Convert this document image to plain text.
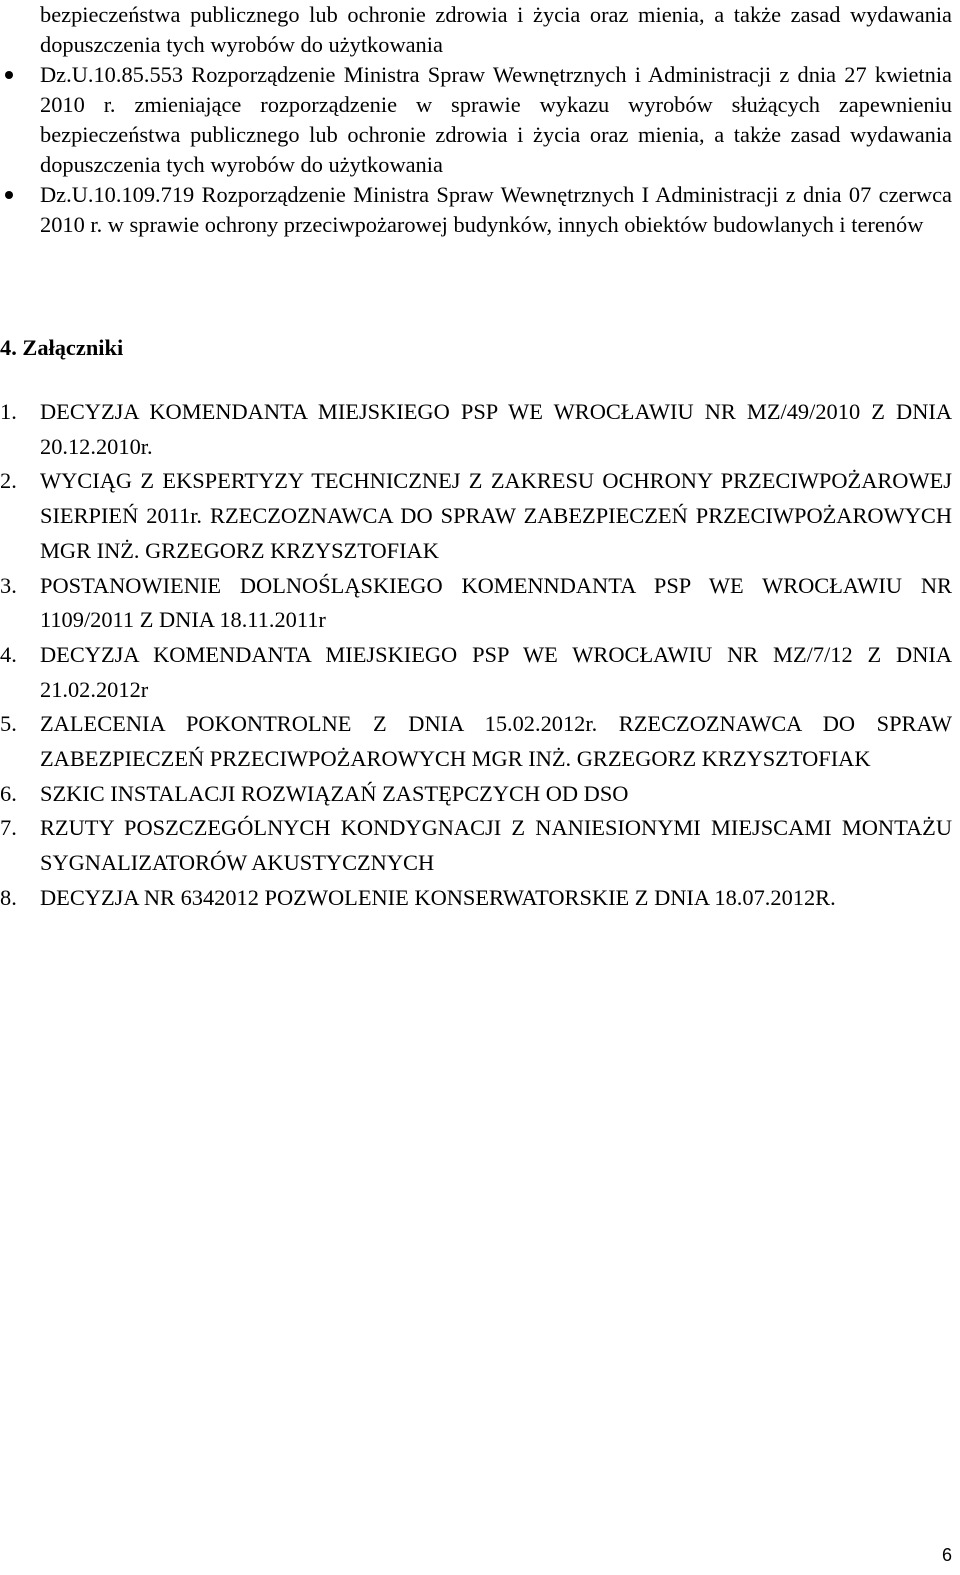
bezpieczeństwa publicznego lub ochronie zdrowia i życia oraz mienia, a także zasad wydawania dopuszczenia tych wyrobów do użytkowania

Dz.U.10.85.553 Rozporządzenie Ministra Spraw Wewnętrznych i Administracji z dnia 27 kwietnia 2010 r. zmieniające rozporządzenie w sprawie wykazu wyrobów służących zapewnieniu bezpieczeństwa publicznego lub ochronie zdrowia i życia oraz mienia, a także zasad wydawania dopuszczenia tych wyrobów do użytkowania
Dz.U.10.109.719 Rozporządzenie Ministra Spraw Wewnętrznych I Administracji z dnia 07 czerwca 2010 r. w sprawie ochrony przeciwpożarowej budynków, innych obiektów budowlanych i terenów
4. Załączniki
1. DECYZJA KOMENDANTA MIEJSKIEGO PSP WE WROCŁAWIU NR MZ/49/2010 Z DNIA 20.12.2010r.
2. WYCIĄG Z EKSPERTYZY TECHNICZNEJ Z ZAKRESU OCHRONY PRZECIWPOŻAROWEJ SIERPIEŃ 2011r. RZECZOZNAWCA DO SPRAW ZABEZPIECZEŃ PRZECIWPOŻAROWYCH MGR INŻ. GRZEGORZ KRZYSZTOFIAK
3. POSTANOWIENIE DOLNOŚLĄSKIEGO KOMENNDANTA PSP WE WROCŁAWIU NR 1109/2011 Z DNIA 18.11.2011r
4. DECYZJA KOMENDANTA MIEJSKIEGO PSP WE WROCŁAWIU NR MZ/7/12 Z DNIA 21.02.2012r
5. ZALECENIA POKONTROLNE Z DNIA 15.02.2012r. RZECZOZNAWCA DO SPRAW ZABEZPIECZEŃ PRZECIWPOŻAROWYCH MGR INŻ. GRZEGORZ KRZYSZTOFIAK
6. SZKIC INSTALACJI ROZWIĄZAŃ ZASTĘPCZYCH OD DSO
7. RZUTY POSZCZEGÓLNYCH KONDYGNACJI Z NANIESIONYMI MIEJSCAMI MONTAŻU SYGNALIZATORÓW AKUSTYCZNYCH
8. DECYZJA NR 6342012 POZWOLENIE KONSERWATORSKIE Z DNIA 18.07.2012R.
6
